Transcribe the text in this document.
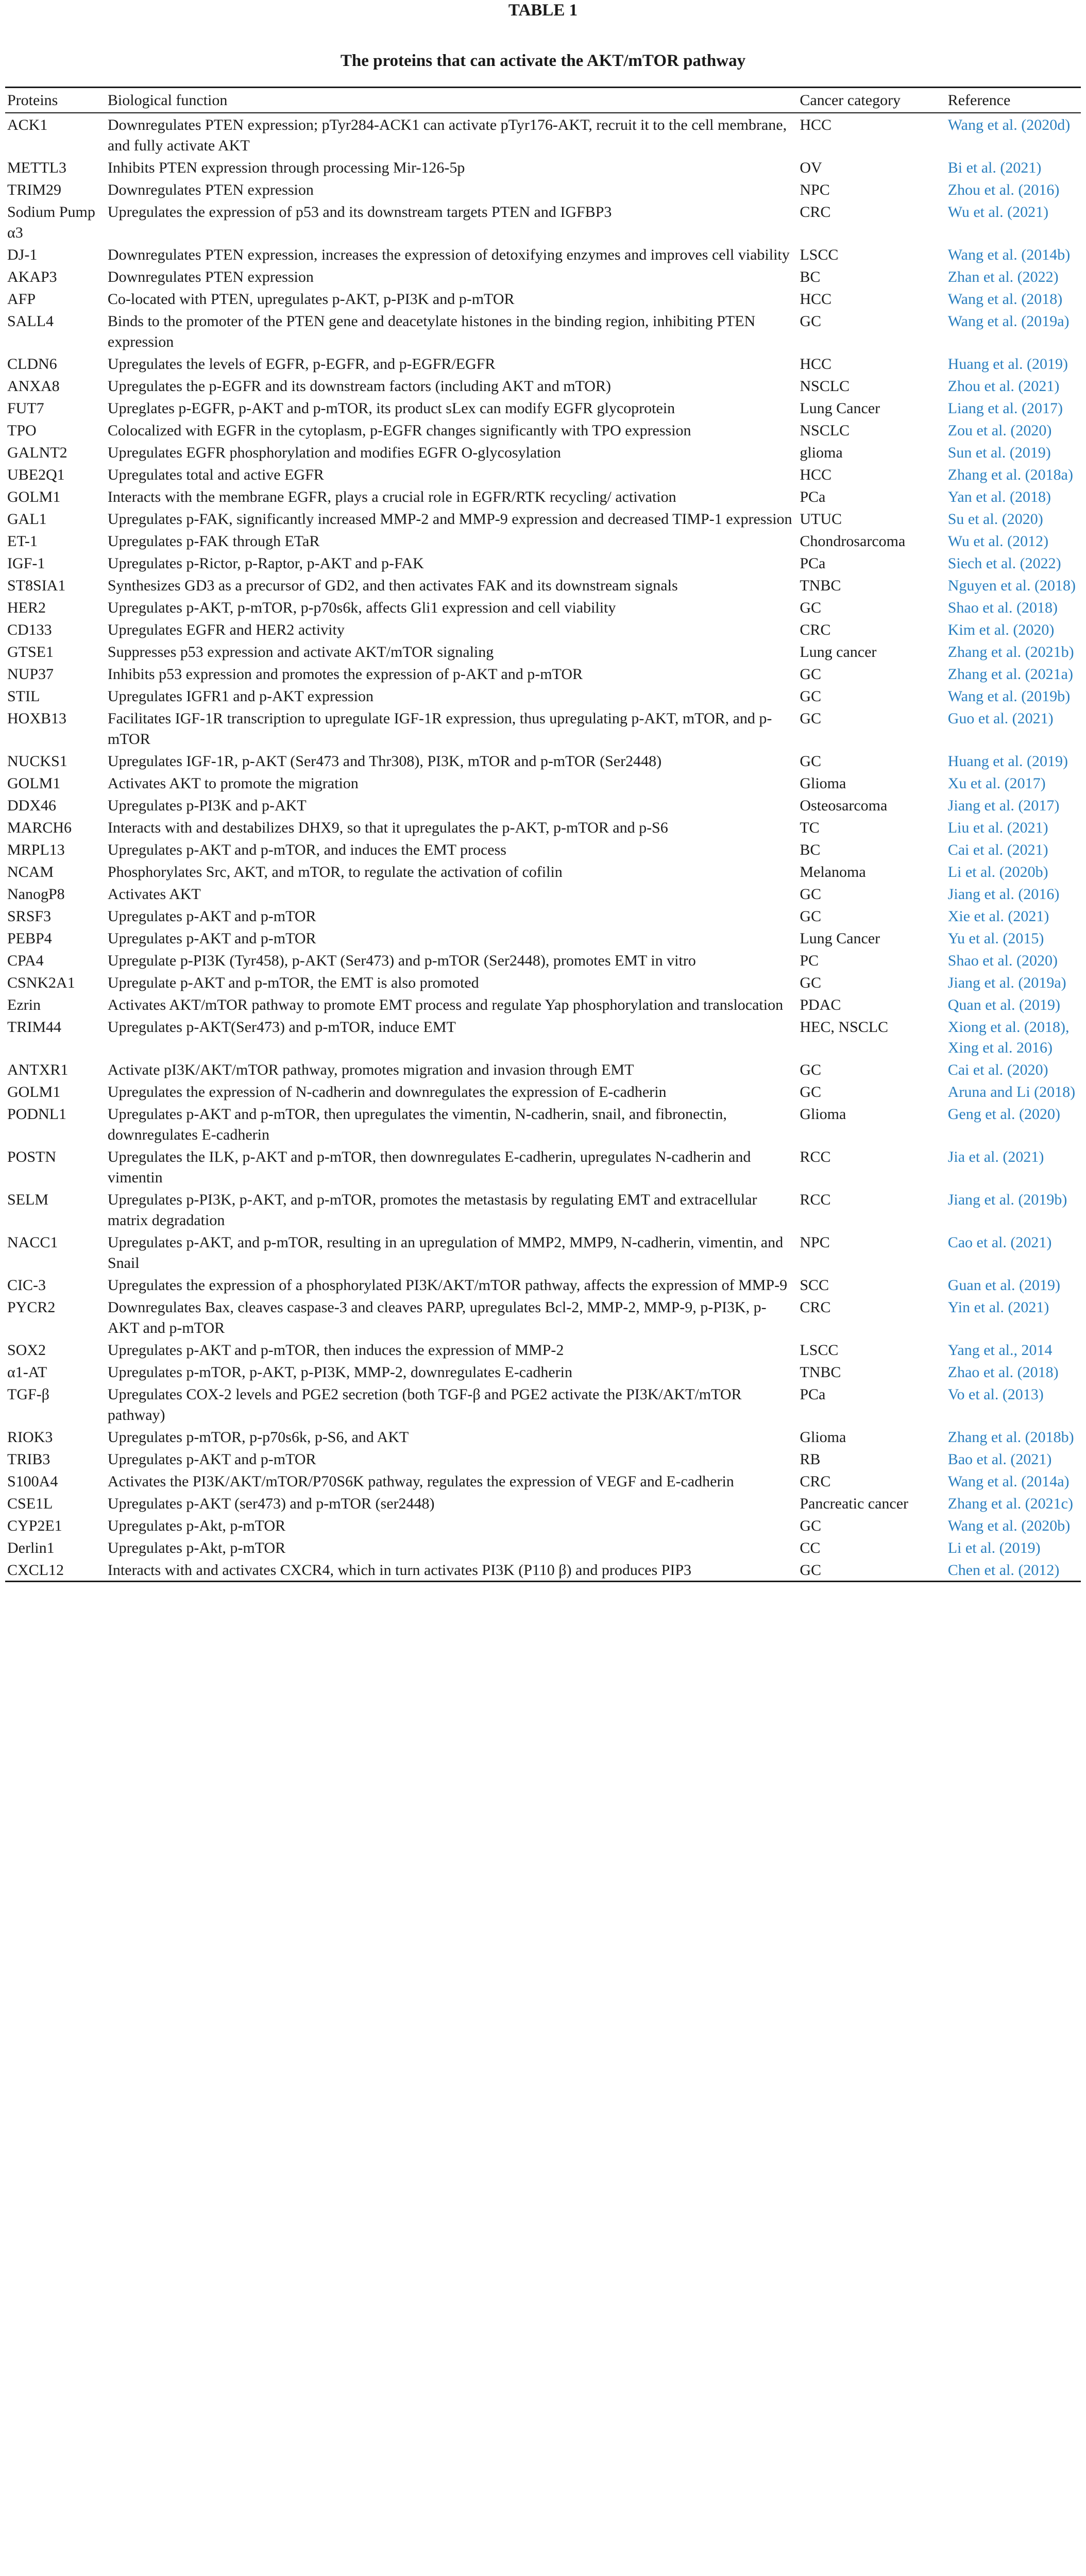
TABLE 1
The proteins that can activate the AKT/mTOR pathway
Proteins	Biological function	Cancer category	Reference
ACK1	Downregulates PTEN expression; pTyr284-ACK1 can activate pTyr176-AKT, recruit it to the cell membrane, and fully activate AKT	HCC	Wang et al. (2020d)
METTL3	Inhibits PTEN expression through processing Mir-126-5p	OV	Bi et al. (2021)
TRIM29	Downregulates PTEN expression	NPC	Zhou et al. (2016)
Sodium Pump α3	Upregulates the expression of p53 and its downstream targets PTEN and IGFBP3	CRC	Wu et al. (2021)
DJ-1	Downregulates PTEN expression, increases the expression of detoxifying enzymes and improves cell viability	LSCC	Wang et al. (2014b)
AKAP3	Downregulates PTEN expression	BC	Zhan et al. (2022)
AFP	Co-located with PTEN, upregulates p-AKT, p-PI3K and p-mTOR	HCC	Wang et al. (2018)
SALL4	Binds to the promoter of the PTEN gene and deacetylate histones in the binding region, inhibiting PTEN expression	GC	Wang et al. (2019a)
CLDN6	Upregulates the levels of EGFR, p-EGFR, and p-EGFR/EGFR	HCC	Huang et al. (2019)
ANXA8	Upregulates the p-EGFR and its downstream factors (including AKT and mTOR)	NSCLC	Zhou et al. (2021)
FUT7	Upreglates p-EGFR, p-AKT and p-mTOR, its product sLex can modify EGFR glycoprotein	Lung Cancer	Liang et al. (2017)
TPO	Colocalized with EGFR in the cytoplasm, p-EGFR changes significantly with TPO expression	NSCLC	Zou et al. (2020)
GALNT2	Upregulates EGFR phosphorylation and modifies EGFR O-glycosylation	glioma	Sun et al. (2019)
UBE2Q1	Upregulates total and active EGFR	HCC	Zhang et al. (2018a)
GOLM1	Interacts with the membrane EGFR, plays a crucial role in EGFR/RTK recycling/ activation	PCa	Yan et al. (2018)
GAL1	Upregulates p-FAK, significantly increased MMP-2 and MMP-9 expression and decreased TIMP-1 expression	UTUC	Su et al. (2020)
ET-1	Upregulates p-FAK through ETaR	Chondrosarcoma	Wu et al. (2012)
IGF-1	Upregulates p-Rictor, p-Raptor, p-AKT and p-FAK	PCa	Siech et al. (2022)
ST8SIA1	Synthesizes GD3 as a precursor of GD2, and then activates FAK and its downstream signals	TNBC	Nguyen et al. (2018)
HER2	Upregulates p-AKT, p-mTOR, p-p70s6k, affects Gli1 expression and cell viability	GC	Shao et al. (2018)
CD133	Upregulates EGFR and HER2 activity	CRC	Kim et al. (2020)
GTSE1	Suppresses p53 expression and activate AKT/mTOR signaling	Lung cancer	Zhang et al. (2021b)
NUP37	Inhibits p53 expression and promotes the expression of p-AKT and p-mTOR	GC	Zhang et al. (2021a)
STIL	Upregulates IGFR1 and p-AKT expression	GC	Wang et al. (2019b)
HOXB13	Facilitates IGF-1R transcription to upregulate IGF-1R expression, thus upregulating p-AKT, mTOR, and p-mTOR	GC	Guo et al. (2021)
NUCKS1	Upregulates IGF-1R, p-AKT (Ser473 and Thr308), PI3K, mTOR and p-mTOR (Ser2448)	GC	Huang et al. (2019)
GOLM1	Activates AKT to promote the migration	Glioma	Xu et al. (2017)
DDX46	Upregulates p-PI3K and p-AKT	Osteosarcoma	Jiang et al. (2017)
MARCH6	Interacts with and destabilizes DHX9, so that it upregulates the p-AKT, p-mTOR and p-S6	TC	Liu et al. (2021)
MRPL13	Upregulates p-AKT and p-mTOR, and induces the EMT process	BC	Cai et al. (2021)
NCAM	Phosphorylates Src, AKT, and mTOR, to regulate the activation of cofilin	Melanoma	Li et al. (2020b)
NanogP8	Activates AKT	GC	Jiang et al. (2016)
SRSF3	Upregulates p-AKT and p-mTOR	GC	Xie et al. (2021)
PEBP4	Upregulates p-AKT and p-mTOR	Lung Cancer	Yu et al. (2015)
CPA4	Upregulate p-PI3K (Tyr458), p-AKT (Ser473) and p-mTOR (Ser2448), promotes EMT in vitro	PC	Shao et al. (2020)
CSNK2A1	Upregulate p-AKT and p-mTOR, the EMT is also promoted	GC	Jiang et al. (2019a)
Ezrin	Activates AKT/mTOR pathway to promote EMT process and regulate Yap phosphorylation and translocation	PDAC	Quan et al. (2019)
TRIM44	Upregulates p-AKT(Ser473) and p-mTOR, induce EMT	HEC, NSCLC	Xiong et al. (2018), Xing et al. 2016)
ANTXR1	Activate pI3K/AKT/mTOR pathway, promotes migration and invasion through EMT	GC	Cai et al. (2020)
GOLM1	Upregulates the expression of N-cadherin and downregulates the expression of E-cadherin	GC	Aruna and Li (2018)
PODNL1	Upregulates p-AKT and p-mTOR, then upregulates the vimentin, N-cadherin, snail, and fibronectin, downregulates E-cadherin	Glioma	Geng et al. (2020)
POSTN	Upregulates the ILK, p-AKT and p-mTOR, then downregulates E-cadherin, upregulates N-cadherin and vimentin	RCC	Jia et al. (2021)
SELM	Upregulates p-PI3K, p-AKT, and p-mTOR, promotes the metastasis by regulating EMT and extracellular matrix degradation	RCC	Jiang et al. (2019b)
NACC1	Upregulates p-AKT, and p-mTOR, resulting in an upregulation of MMP2, MMP9, N-cadherin, vimentin, and Snail	NPC	Cao et al. (2021)
CIC-3	Upregulates the expression of a phosphorylated PI3K/AKT/mTOR pathway, affects the expression of MMP-9	SCC	Guan et al. (2019)
PYCR2	Downregulates Bax, cleaves caspase-3 and cleaves PARP, upregulates Bcl-2, MMP-2, MMP-9, p-PI3K, p-AKT and p-mTOR	CRC	Yin et al. (2021)
SOX2	Upregulates p-AKT and p-mTOR, then induces the expression of MMP-2	LSCC	Yang et al., 2014
α1-AT	Upregulates p-mTOR, p-AKT, p-PI3K, MMP-2, downregulates E-cadherin	TNBC	Zhao et al. (2018)
TGF-β	Upregulates COX-2 levels and PGE2 secretion (both TGF-β and PGE2 activate the PI3K/AKT/mTOR pathway)	PCa	Vo et al. (2013)
RIOK3	Upregulates p-mTOR, p-p70s6k, p-S6, and AKT	Glioma	Zhang et al. (2018b)
TRIB3	Upregulates p-AKT and p-mTOR	RB	Bao et al. (2021)
S100A4	Activates the PI3K/AKT/mTOR/P70S6K pathway, regulates the expression of VEGF and E-cadherin	CRC	Wang et al. (2014a)
CSE1L	Upregulates p-AKT (ser473) and p-mTOR (ser2448)	Pancreatic cancer	Zhang et al. (2021c)
CYP2E1	Upregulates p-Akt, p-mTOR	GC	Wang et al. (2020b)
Derlin1	Upregulates p-Akt, p-mTOR	CC	Li et al. (2019)
CXCL12	Interacts with and activates CXCR4, which in turn activates PI3K (P110 β) and produces PIP3	GC	Chen et al. (2012)
